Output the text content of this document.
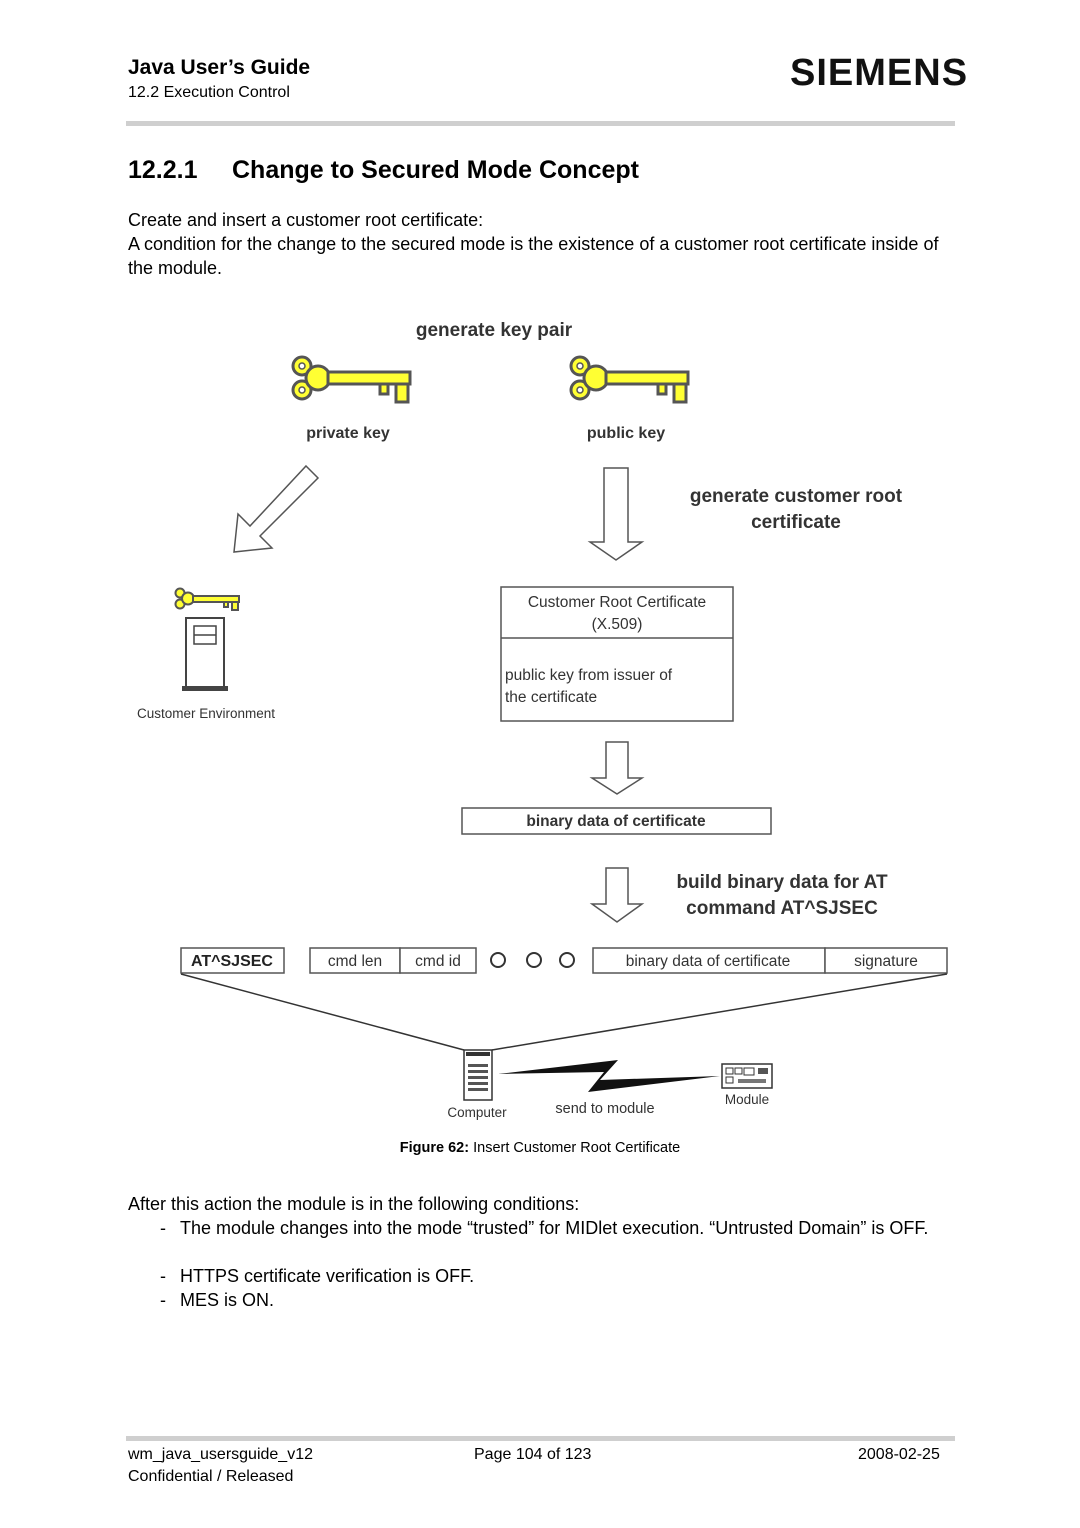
Java User’s Guide
12.2 Execution Control	SIEMENS
12.2.1 Change to Secured Mode Concept
Create and insert a customer root certificate:
A condition for the change to the secured mode is the existence of a customer root certificate inside of the module.
generate key pair
private key	public key
generate customer root
certificate
Customer Environment
Customer Root Certificate
(X.509)
public key from issuer of
the certificate
binary data of certificate
build binary data for AT
command AT^SJSEC
AT^SJSEC	cmd len cmd id	binary data of certificate	signature
Computer	send to module
Module
Figure 62: Insert Customer Root Certificate
After this action the module is in the following conditions:
- The module changes into the mode “trusted” for MIDlet execution. “Untrusted Domain” is OFF.
- HTTPS certificate verification is OFF.
- MES is ON.
wm_java_usersguide_v12	Page 104 of 123	2008-02-25
Confidential / Released
